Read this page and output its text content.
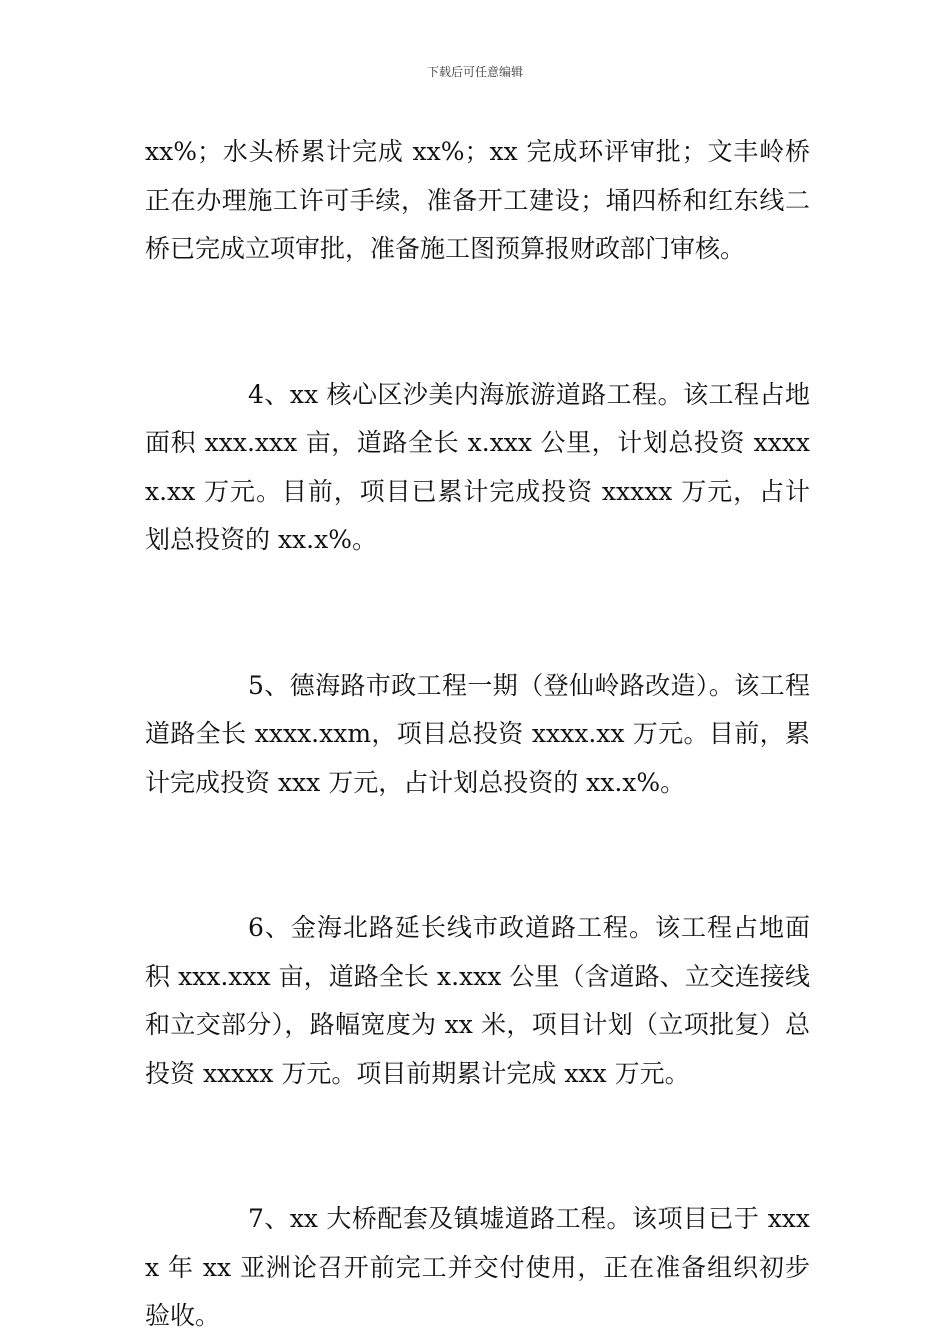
下载后可任意编辑

xx%；水头桥累计完成 xx%；xx 完成环评审批；文丰岭桥正在办理施工许可手续，准备开工建设；埇四桥和红东线二桥已完成立项审批，准备施工图预算报财政部门审核。

4、xx 核心区沙美内海旅游道路工程。该工程占地面积 xxx.xxx 亩，道路全长 x.xxx 公里，计划总投资 xxxxx.xx 万元。目前，项目已累计完成投资 xxxxx 万元，占计划总投资的 xx.x%。

5、德海路市政工程一期（登仙岭路改造）。该工程道路全长 xxxx.xxm，项目总投资 xxxx.xx 万元。目前，累计完成投资 xxx 万元，占计划总投资的 xx.x%。

6、金海北路延长线市政道路工程。该工程占地面积 xxx.xxx 亩，道路全长 x.xxx 公里（含道路、立交连接线和立交部分），路幅宽度为 xx 米，项目计划（立项批复）总投资 xxxxx 万元。项目前期累计完成 xxx 万元。

7、xx 大桥配套及镇墟道路工程。该项目已于 xxxx 年 xx 亚洲论召开前完工并交付使用，正在准备组织初步验收。
